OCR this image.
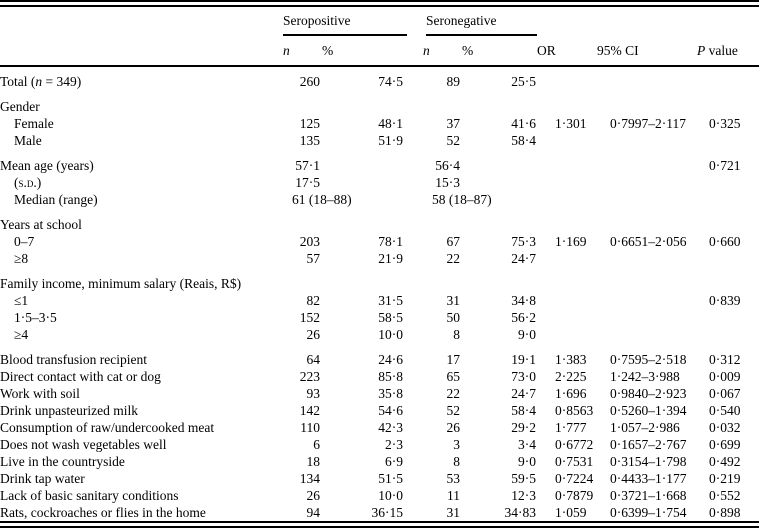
	Seropositive		Seronegative				

	n	%	n	%	OR	95% CI	P value
Total (n = 349)	260	74·5	89	25·5			

Gender							
Female	125	48·1	37	41·6	1·301	0·7997–2·117	0·325
Male	135	51·9	52	58·4			

Mean age (years)	57·1		56·4				0·721
(s.d.)	17·5		15·3				
Median (range)	61 (18–88)		58 (18–87)				

Years at school							
0–7	203	78·1	67	75·3	1·169	0·6651–2·056	0·660
≥8	57	21·9	22	24·7			

Family income, minimum salary (Reais, R$)							
≤1	82	31·5	31	34·8			0·839
1·5–3·5	152	58·5	50	56·2			
≥4	26	10·0	8	9·0			

Blood transfusion recipient	64	24·6	17	19·1	1·383	0·7595–2·518	0·312
Direct contact with cat or dog	223	85·8	65	73·0	2·225	1·242–3·988	0·009
Work with soil	93	35·8	22	24·7	1·696	0·9840–2·923	0·067
Drink unpasteurized milk	142	54·6	52	58·4	0·8563	0·5260–1·394	0·540
Consumption of raw/undercooked meat	110	42·3	26	29·2	1·777	1·057–2·986	0·032
Does not wash vegetables well	6	2·3	3	3·4	0·6772	0·1657–2·767	0·699
Live in the countryside	18	6·9	8	9·0	0·7531	0·3154–1·798	0·492
Drink tap water	134	51·5	53	59·5	0·7224	0·4433–1·177	0·219
Lack of basic sanitary conditions	26	10·0	11	12·3	0·7879	0·3721–1·668	0·552
Rats, cockroaches or flies in the home	94	36·15	31	34·83	1·059	0·6399–1·754	0·898
